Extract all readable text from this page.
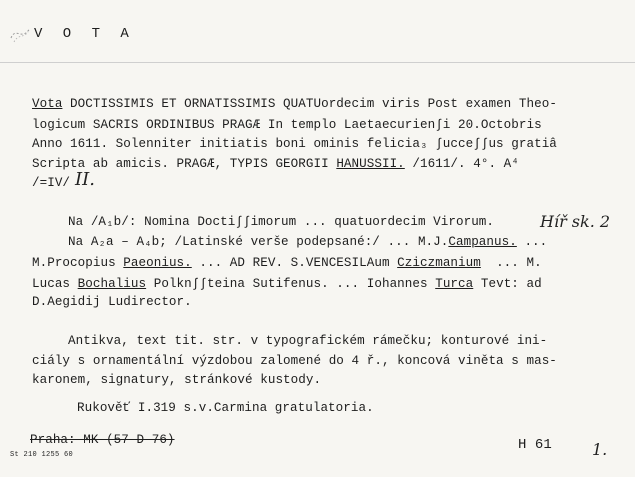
V O T A
Vota DOCTISSIMIS ET ORNATISSIMIS QUATUordecim viris Post examen Theo-
logicum SACRIS ORDINIBUS PRAGÆ In templo Laetaecurien∫i 20.Octobris
Anno 1611. Solenniter initiatis boni ominis felicia₃ ∫ucce∫∫us gratiâ
Scripta ab amicis. PRAGÆ, TYPIS GEORGII HANUSSII. /1611/. 4°. A⁴
/=IV/ II.
Na /A₁b/: Nomina Docti∫∫imorum ... quatuordecim Virorum.	Híř sk. 2
Na A₂a – A₄b; /Latinské verše podepsané:/ ... M.J.Campanus. ...
M.Procopius Paeonius. ... AD REV. S.VENCESILAum Cziczmanium  ... M.
Lucas Bochalius Polkn∫∫teina Sutifenus. ... Iohannes Turca Tevt: ad
D.Aegidij Ludirector.
Antikva, text tit. str. v typografickém rámečku; konturové ini-
ciály s ornamentální výzdobou zalomené do 4 ř., koncová viněta s mas-
karonem, signatury, stránkové kustody.
Rukověť I.319 s.v.Carmina gratulatoria.
Praha: MK (57 D 76)
St 210 1255 60
H 61	1.
